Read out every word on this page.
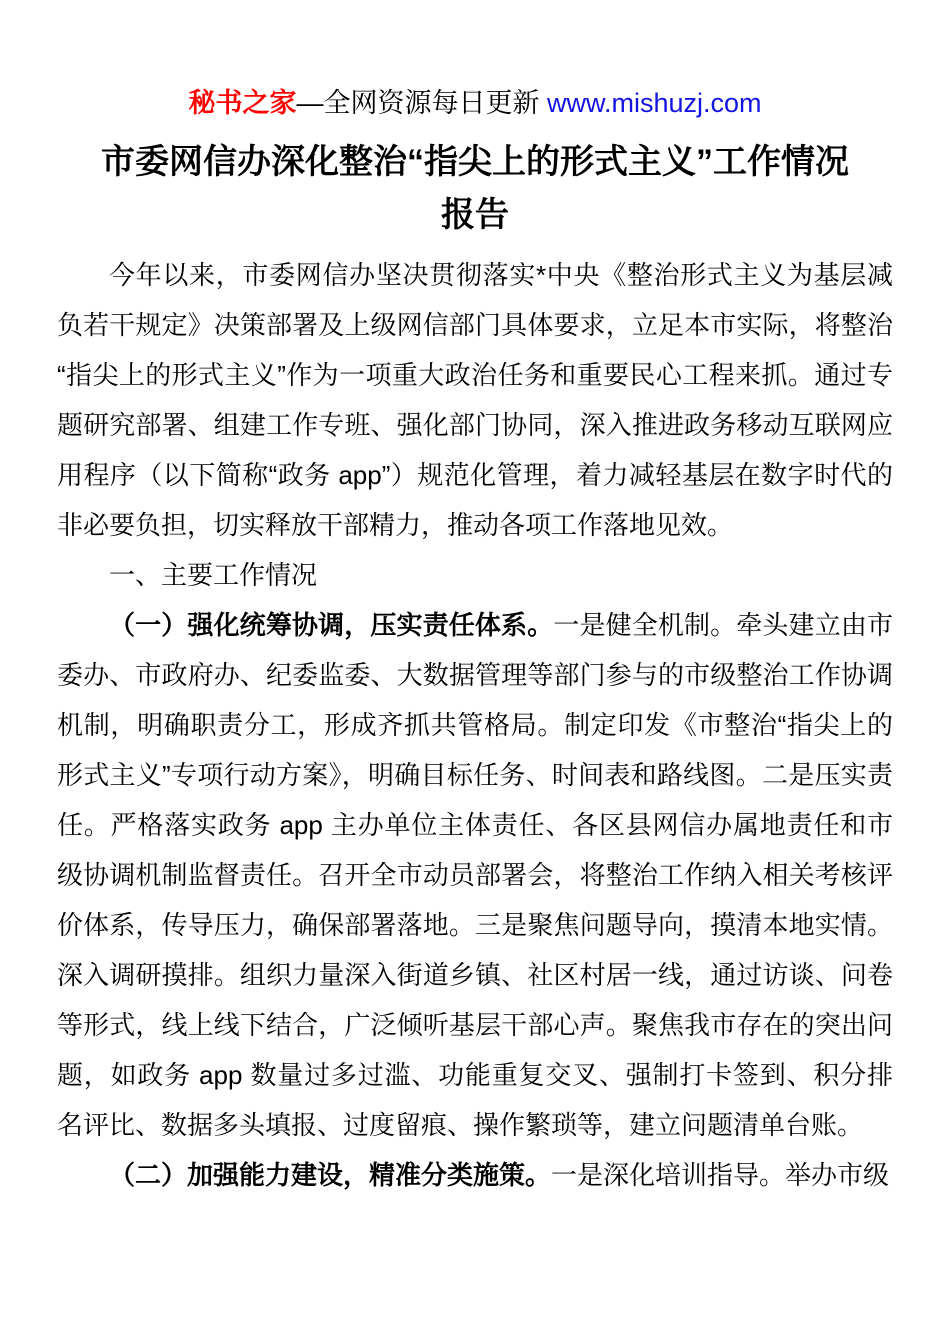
秘书之家—全网资源每日更新 www.mishuzj.com
市委网信办深化整治“指尖上的形式主义”工作情况
报告

今年以来，市委网信办坚决贯彻落实*中央《整治形式主义为基层减负若干规定》决策部署及上级网信部门具体要求，立足本市实际，将整治“指尖上的形式主义”作为一项重大政治任务和重要民心工程来抓。通过专题研究部署、组建工作专班、强化部门协同，深入推进政务移动互联网应用程序（以下简称“政务 app”）规范化管理，着力减轻基层在数字时代的非必要负担，切实释放干部精力，推动各项工作落地见效。

一、主要工作情况

（一）强化统筹协调，压实责任体系。一是健全机制。牵头建立由市委办、市政府办、纪委监委、大数据管理等部门参与的市级整治工作协调机制，明确职责分工，形成齐抓共管格局。制定印发《市整治“指尖上的形式主义”专项行动方案》，明确目标任务、时间表和路线图。二是压实责任。严格落实政务 app 主办单位主体责任、各区县网信办属地责任和市级协调机制监督责任。召开全市动员部署会，将整治工作纳入相关考核评价体系，传导压力，确保部署落地。三是聚焦问题导向，摸清本地实情。深入调研摸排。组织力量深入街道乡镇、社区村居一线，通过访谈、问卷等形式，线上线下结合，广泛倾听基层干部心声。聚焦我市存在的突出问题，如政务 app 数量过多过滥、功能重复交叉、强制打卡签到、积分排名评比、数据多头填报、过度留痕、操作繁琐等，建立问题清单台账。

（二）加强能力建设，精准分类施策。一是深化培训指导。举办市级
